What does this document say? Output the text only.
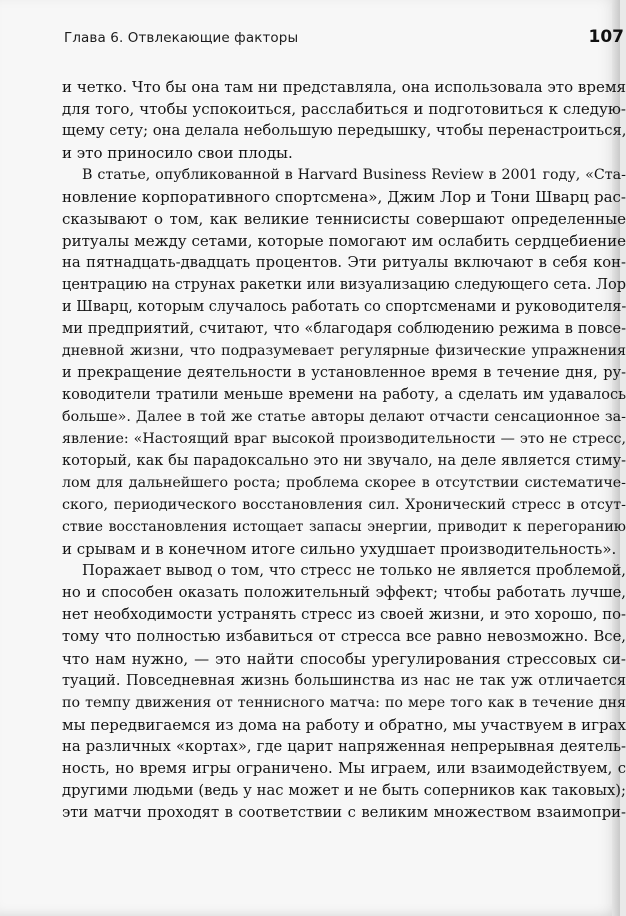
Глава 6. Отвлекающие факторы	107
и четко. Что бы она там ни представляла, она использовала это время
для того, чтобы успокоиться, расслабиться и подготовиться к следую-
щему сету; она делала небольшую передышку, чтобы перенастроиться,
и это приносило свои плоды.
В статье, опубликованной в Harvard Business Review в 2001 году, «Ста-
новление корпоративного спортсмена», Джим Лор и Тони Шварц рас-
сказывают о том, как великие теннисисты совершают определенные
ритуалы между сетами, которые помогают им ослабить сердцебиение
на пятнадцать-двадцать процентов. Эти ритуалы включают в себя кон-
центрацию на струнах ракетки или визуализацию следующего сета. Лор
и Шварц, которым случалось работать со спортсменами и руководителя-
ми предприятий, считают, что «благодаря соблюдению режима в повсе-
дневной жизни, что подразумевает регулярные физические упражнения
и прекращение деятельности в установленное время в течение дня, ру-
ководители тратили меньше времени на работу, а сделать им удавалось
больше». Далее в той же статье авторы делают отчасти сенсационное за-
явление: «Настоящий враг высокой производительности — это не стресс,
который, как бы парадоксально это ни звучало, на деле является стиму-
лом для дальнейшего роста; проблема скорее в отсутствии систематиче-
ского, периодического восстановления сил. Хронический стресс в отсут-
ствие восстановления истощает запасы энергии, приводит к перегоранию
и срывам и в конечном итоге сильно ухудшает производительность».
Поражает вывод о том, что стресс не только не является проблемой,
но и способен оказать положительный эффект; чтобы работать лучше,
нет необходимости устранять стресс из своей жизни, и это хорошо, по-
тому что полностью избавиться от стресса все равно невозможно. Все,
что нам нужно, — это найти способы урегулирования стрессовых си-
туаций. Повседневная жизнь большинства из нас не так уж отличается
по темпу движения от теннисного матча: по мере того как в течение дня
мы передвигаемся из дома на работу и обратно, мы участвуем в играх
на различных «кортах», где царит напряженная непрерывная деятель-
ность, но время игры ограничено. Мы играем, или взаимодействуем, с
другими людьми (ведь у нас может и не быть соперников как таковых);
эти матчи проходят в соответствии с великим множеством взаимопри-
